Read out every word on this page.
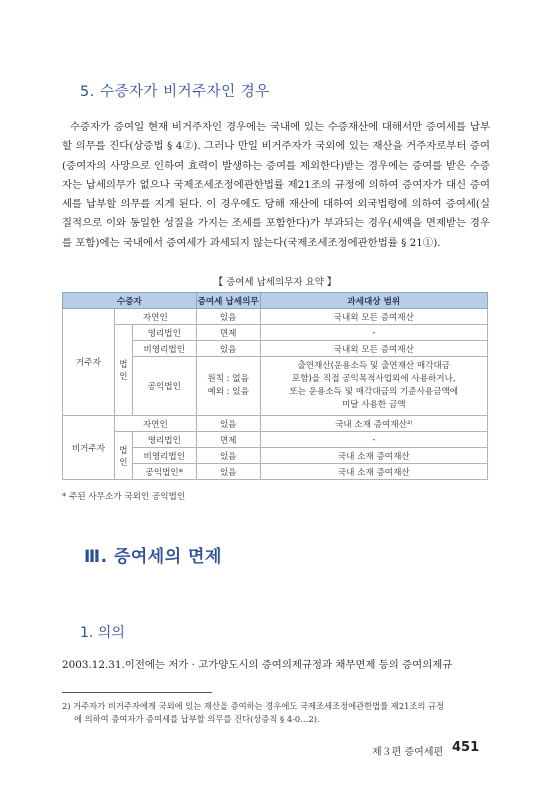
5. 수증자가 비거주자인 경우

수증자가 증여일 현재 비거주자인 경우에는 국내에 있는 수증재산에 대해서만 증여세를 납부할 의무를 진다(상증법 § 4②). 그러나 만일 비거주자가 국외에 있는 재산을 거주자로부터 증여(증여자의 사망으로 인하여 효력이 발생하는 증여를 제외한다)받는 경우에는 증여를 받은 수증자는 납세의무가 없으나 국제조세조정에관한법률 제21조의 규정에 의하여 증여자가 대신 증여세를 납부할 의무를 지게 된다. 이 경우에도 당해 재산에 대하여 외국법령에 의하여 증여세(실질적으로 이와 동일한 성질을 가지는 조세를 포함한다)가 부과되는 경우(세액을 면제받는 경우를 포함)에는 국내에서 증여세가 과세되지 않는다(국제조세조정에관한법률 § 21①).

【 증여세 납세의무자 요약 】
수증자			증여세 납세의무	과세대상 범위
거주자	자연인		있음	국내외 모든 증여재산
	법인	영리법인	면제	-
		비영리법인	있음	국내외 모든 증여재산
		공익법인	원칙 : 없음
예외 : 있음	출연재산(운용소득 및 출연재산 매각대금
포함)을 직접 공익목적사업외에 사용하거나,
또는 운용소득 및 매각대금의 기준사용금액에
미달 사용한 금액

비거주자	자연인		있음	국내 소재 증여재산²⁾
	법인	영리법인	면제	-
		비영리법인	있음	국내 소재 증여재산
		공익법인*	있음	국내 소재 증여재산
* 주된 사무소가 국외인 공익법인
Ⅲ. 증여세의 면제
1. 의의

2003.12.31.이전에는 저가 · 고가양도시의 증여의제규정과 채무면제 등의 증여의제규

2) 거주자가 비거주자에게 국외에 있는 재산을 증여하는 경우에도 국제조세조정에관한법률 제21조의 규정
에 의하여 증여자가 증여세를 납부할 의무를 진다(상증칙 § 4-0…2).

제３편 증여세편 451
